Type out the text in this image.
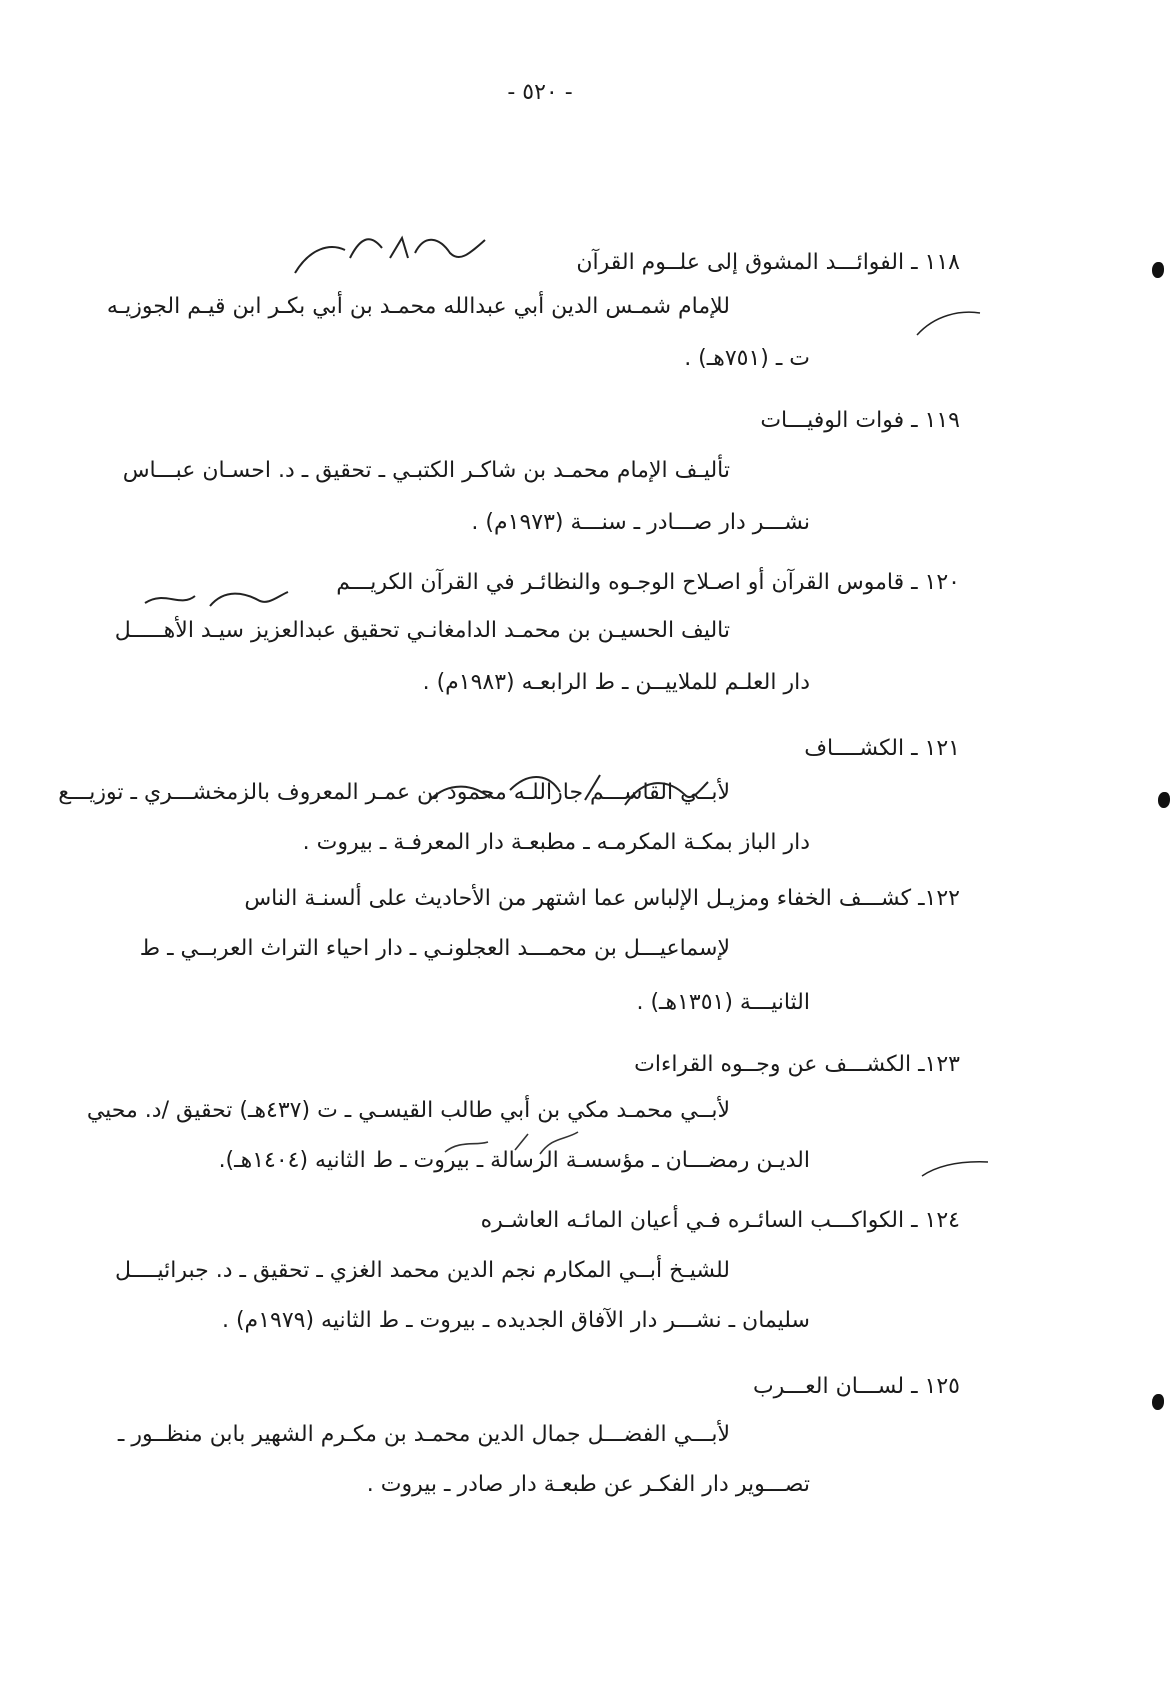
- ٥٢٠ -
١١٨ ـ الفوائـــد المشوق إلى علــوم القرآن
للإمام شمـس الدين أبي عبدالله محمـد بن أبي بكـر ابن قيـم الجوزيـه
ت ـ (٧٥١هـ) .
١١٩ ـ فوات الوفيـــات
تأليـف الإمام محمـد بن شاكـر الكتبـي ـ تحقيق ـ د. احسـان عبـــاس
نشـــر دار صـــادر ـ سنـــة (١٩٧٣م) .
١٢٠ ـ قاموس القرآن أو اصـلاح الوجـوه والنظائـر في القرآن الكريـــم
تاليف الحسيـن بن محمـد الدامغانـي تحقيق عبدالعزيز سيـد الأهـــــل
دار العلـم للملاييــن ـ ط الرابعـه (١٩٨٣م) .
١٢١ ـ الكشــــاف
لأبــي القاســـم جاراللـه محمود بن عمـر المعروف بالزمخشـــري ـ توزيـــع
دار الباز بمكـة المكرمـه ـ مطبعـة دار المعرفـة ـ بيروت .
١٢٢ـ كشـــف الخفاء ومزيـل الإلباس عما اشتهر من الأحاديث على ألسنـة الناس
لإسماعيـــل بن محمـــد العجلونـي ـ دار احياء التراث العربــي ـ ط
الثانيـــة (١٣٥١هـ) .
١٢٣ـ الكشـــف عن وجــوه القراءات
لأبــي محمـد مكي بن أبي طالب القيسـي ـ ت (٤٣٧هـ) تحقيق /د. محيي
الديـن رمضـــان ـ مؤسسـة الرسالة ـ بيروت ـ ط الثانيه (١٤٠٤هـ).
١٢٤ ـ الكواكـــب السائـره فـي أعيان المائـه العاشـره
للشيـخ أبــي المكارم نجم الدين محمد الغزي ـ تحقيق ـ د. جبرائيــــل
سليمان ـ نشـــر دار الآفاق الجديده ـ بيروت ـ ط الثانيه (١٩٧٩م) .
١٢٥ ـ لســـان العـــرب
لأبـــي الفضـــل جمال الدين محمـد بن مكـرم الشهير بابن منظــور ـ
تصـــوير دار الفكـر عن طبعـة دار صادر ـ بيروت .
